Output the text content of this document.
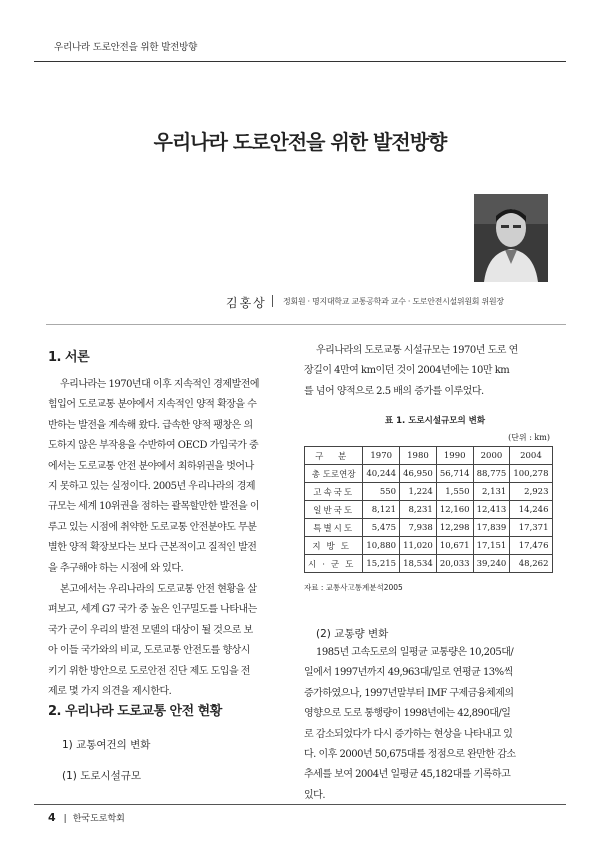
우리나라 도로안전을 위한 발전방향
우리나라 도로안전을 위한 발전방향
김홍상 정회원 · 명지대학교 교통공학과 교수 · 도로안전시설위원회 위원장
1. 서론
우리나라는 1970년대 이후 지속적인 경제발전에
힘입어 도로교통 분야에서 지속적인 양적 확장을 수
반하는 발전을 계속해 왔다. 급속한 양적 팽창은 의
도하지 않은 부작용을 수반하여 OECD 가입국가 중
에서는 도로교통 안전 분야에서 최하위권을 벗어나
지 못하고 있는 실정이다. 2005년 우리나라의 경제
규모는 세계 10위권을 점하는 괄목할만한 발전을 이
루고 있는 시점에 취약한 도로교통 안전분야도 무분
별한 양적 확장보다는 보다 근본적이고 질적인 발전
을 추구해야 하는 시점에 와 있다.
본고에서는 우리나라의 도로교통 안전 현황을 살
펴보고, 세계 G7 국가 중 높은 인구밀도를 나타내는
국가 군이 우리의 발전 모델의 대상이 될 것으로 보
아 이들 국가와의 비교, 도로교통 안전도를 향상시
키기 위한 방안으로 도로안전 진단 제도 도입을 전
제로 몇 가지 의견을 제시한다.
2. 우리나라 도로교통 안전 현황
1) 교통여건의 변화
(1) 도로시설규모
우리나라의 도로교통 시설규모는 1970년 도로 연
장길이 4만여 km이던 것이 2004년에는 10만 km
를 넘어 양적으로 2.5 배의 증가를 이루었다.
표 1. 도로시설규모의 변화
(단위 : km)
구 분	1970	1980	1990	2000	2004
총 도로연장	40,244	46,950	56,714	88,775	100,278
고속국도	550	1,224	1,550	2,131	2,923
일반국도	8,121	8,231	12,160	12,413	14,246
특별시도	5,475	7,938	12,298	17,839	17,371
지방도	10,880	11,020	10,671	17,151	17,476
시·군도	15,215	18,534	20,033	39,240	48,262
자료 : 교통사고통계분석2005
(2) 교통량 변화
1985년 고속도로의 일평균 교통량은 10,205대/
일에서 1997년까지 49,963대/일로 연평균 13%씩
증가하였으나, 1997년말부터 IMF 구제금융체제의
영향으로 도로 통행량이 1998년에는 42,890대/일
로 감소되었다가 다시 증가하는 현상을 나타내고 있
다. 이후 2000년 50,675대를 정점으로 완만한 감소
추세를 보여 2004년 일평균 45,182대를 기록하고
있다.
4 | 한국도로학회
